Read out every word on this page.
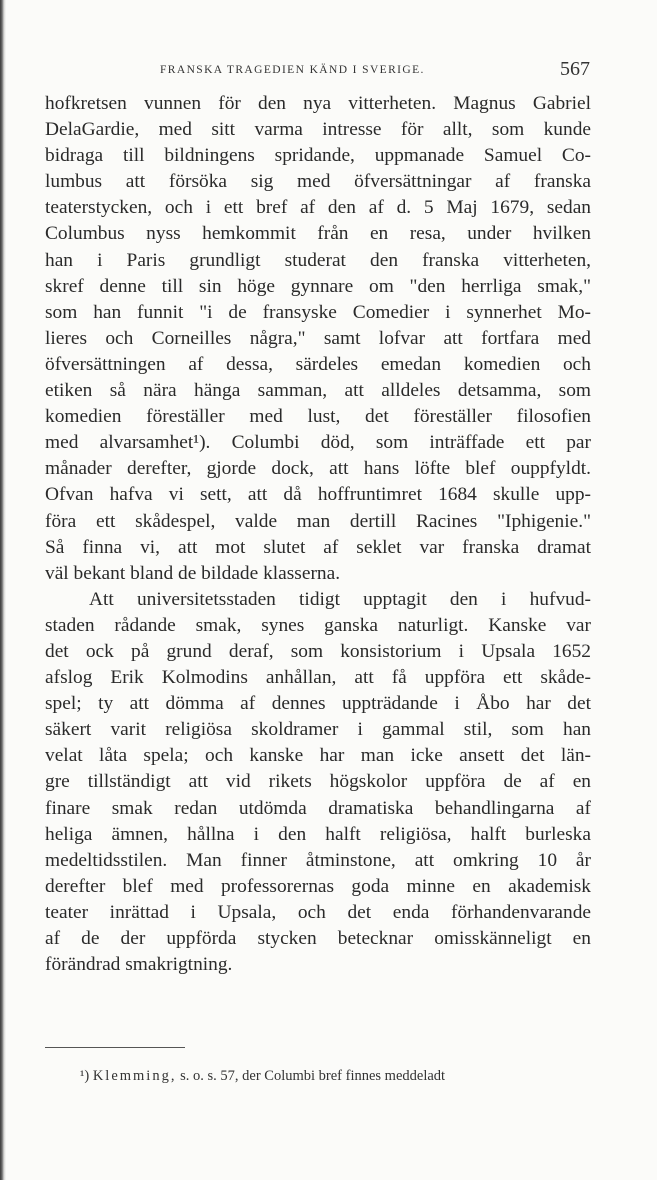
FRANSKA TRAGEDIEN KÄND I SVERIGE.	567
hofkretsen vunnen för den nya vitterheten. Magnus Gabriel
DelaGardie, med sitt varma intresse för allt, som kunde
bidraga till bildningens spridande, uppmanade Samuel Co-
lumbus att försöka sig med öfversättningar af franska
teaterstycken, och i ett bref af den af d. 5 Maj 1679, sedan
Columbus nyss hemkommit från en resa, under hvilken
han i Paris grundligt studerat den franska vitterheten,
skref denne till sin höge gynnare om "den herrliga smak,"
som han funnit "i de fransyske Comedier i synnerhet Mo-
lieres och Corneilles några," samt lofvar att fortfara med
öfversättningen af dessa, särdeles emedan komedien och
etiken så nära hänga samman, att alldeles detsamma, som
komedien föreställer med lust, det föreställer filosofien
med alvarsamhet¹). Columbi död, som inträffade ett par
månader derefter, gjorde dock, att hans löfte blef ouppfyldt.
Ofvan hafva vi sett, att då hoffruntimret 1684 skulle upp-
föra ett skådespel, valde man dertill Racines "Iphigenie."
Så finna vi, att mot slutet af seklet var franska dramat
väl bekant bland de bildade klasserna.
Att universitetsstaden tidigt upptagit den i hufvud-
staden rådande smak, synes ganska naturligt. Kanske var
det ock på grund deraf, som konsistorium i Upsala 1652
afslog Erik Kolmodins anhållan, att få uppföra ett skåde-
spel; ty att dömma af dennes uppträdande i Åbo har det
säkert varit religiösa skoldramer i gammal stil, som han
velat låta spela; och kanske har man icke ansett det län-
gre tillständigt att vid rikets högskolor uppföra de af en
finare smak redan utdömda dramatiska behandlingarna af
heliga ämnen, hållna i den halft religiösa, halft burleska
medeltidsstilen. Man finner åtminstone, att omkring 10 år
derefter blef med professorernas goda minne en akademisk
teater inrättad i Upsala, och det enda förhandenvarande
af de der uppförda stycken betecknar omisskänneligt en
förändrad smakrigtning.
¹) Klemming, s. o. s. 57, der Columbi bref finnes meddeladt
